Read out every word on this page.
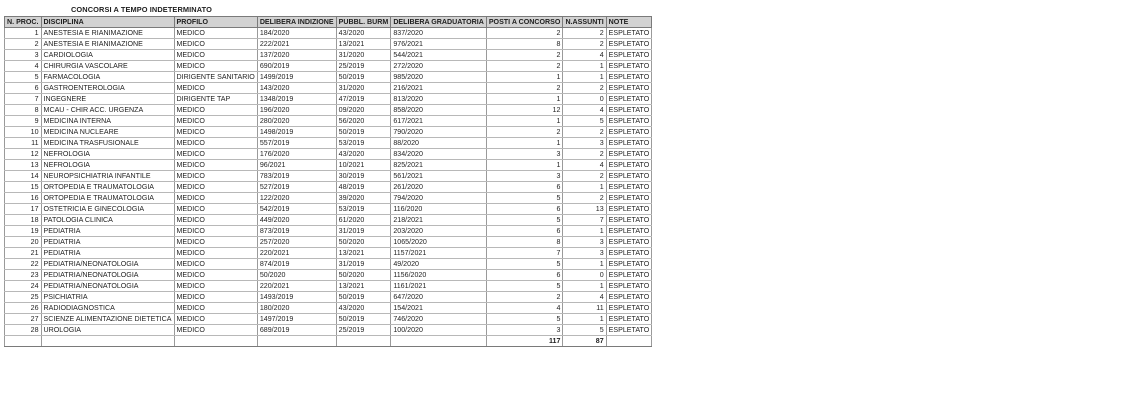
CONCORSI A TEMPO INDETERMINATO
N. PROC.	DISCIPLINA	PROFILO	DELIBERA INDIZIONE	PUBBL. BURM	DELIBERA GRADUATORIA	POSTI A CONCORSO	N.ASSUNTI	NOTE
1	ANESTESIA E RIANIMAZIONE	MEDICO	184/2020	43/2020	837/2020	2	2	ESPLETATO
2	ANESTESIA E RIANIMAZIONE	MEDICO	222/2021	13/2021	976/2021	8	2	ESPLETATO
3	CARDIOLOGIA	MEDICO	137/2020	31/2020	544/2021	2	4	ESPLETATO
4	CHIRURGIA VASCOLARE	MEDICO	690/2019	25/2019	272/2020	2	1	ESPLETATO
5	FARMACOLOGIA	DIRIGENTE SANITARIO	1499/2019	50/2019	985/2020	1	1	ESPLETATO
6	GASTROENTEROLOGIA	MEDICO	143/2020	31/2020	216/2021	2	2	ESPLETATO
7	INGEGNERE	DIRIGENTE TAP	1348/2019	47/2019	813/2020	1	0	ESPLETATO
8	MCAU - CHIR ACC. URGENZA	MEDICO	196/2020	09/2020	858/2020	12	4	ESPLETATO
9	MEDICINA INTERNA	MEDICO	280/2020	56/2020	617/2021	1	5	ESPLETATO
10	MEDICINA NUCLEARE	MEDICO	1498/2019	50/2019	790/2020	2	2	ESPLETATO
11	MEDICINA TRASFUSIONALE	MEDICO	557/2019	53/2019	88/2020	1	3	ESPLETATO
12	NEFROLOGIA	MEDICO	176/2020	43/2020	834/2020	3	2	ESPLETATO
13	NEFROLOGIA	MEDICO	96/2021	10/2021	825/2021	1	4	ESPLETATO
14	NEUROPSICHIATRIA INFANTILE	MEDICO	783/2019	30/2019	561/2021	3	2	ESPLETATO
15	ORTOPEDIA E TRAUMATOLOGIA	MEDICO	527/2019	48/2019	261/2020	6	1	ESPLETATO
16	ORTOPEDIA E TRAUMATOLOGIA	MEDICO	122/2020	39/2020	794/2020	5	2	ESPLETATO
17	OSTETRICIA E GINECOLOGIA	MEDICO	542/2019	53/2019	116/2020	6	13	ESPLETATO
18	PATOLOGIA CLINICA	MEDICO	449/2020	61/2020	218/2021	5	7	ESPLETATO
19	PEDIATRIA	MEDICO	873/2019	31/2019	203/2020	6	1	ESPLETATO
20	PEDIATRIA	MEDICO	257/2020	50/2020	1065/2020	8	3	ESPLETATO
21	PEDIATRIA	MEDICO	220/2021	13/2021	1157/2021	7	3	ESPLETATO
22	PEDIATRIA/NEONATOLOGIA	MEDICO	874/2019	31/2019	49/2020	5	1	ESPLETATO
23	PEDIATRIA/NEONATOLOGIA	MEDICO	50/2020	50/2020	1156/2020	6	0	ESPLETATO
24	PEDIATRIA/NEONATOLOGIA	MEDICO	220/2021	13/2021	1161/2021	5	1	ESPLETATO
25	PSICHIATRIA	MEDICO	1493/2019	50/2019	647/2020	2	4	ESPLETATO
26	RADIODIAGNOSTICA	MEDICO	180/2020	43/2020	154/2021	4	11	ESPLETATO
27	SCIENZE ALIMENTAZIONE DIETETICA	MEDICO	1497/2019	50/2019	746/2020	5	1	ESPLETATO
28	UROLOGIA	MEDICO	689/2019	25/2019	100/2020	3	5	ESPLETATO
						117	87	
